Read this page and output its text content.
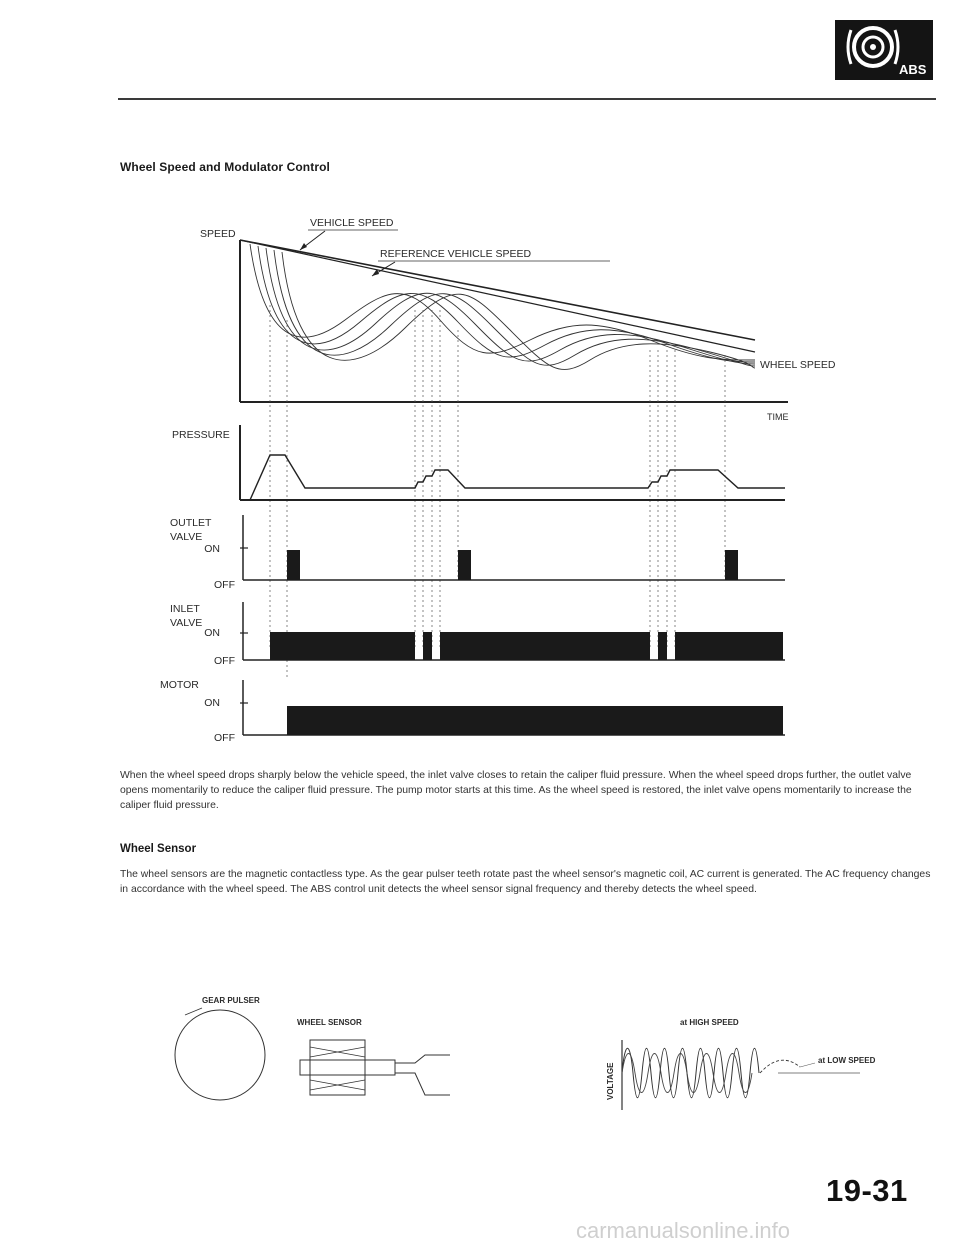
ABS
Wheel Speed and Modulator Control
SPEED
VEHICLE SPEED
REFERENCE VEHICLE SPEED
WHEEL SPEED
TIME
PRESSURE
OUTLET
VALVE
ON
OFF
INLET
VALVE
ON
OFF
MOTOR
ON
OFF
When the wheel speed drops sharply below the vehicle speed, the inlet valve closes to retain the caliper fluid pressure. When the wheel speed drops further, the outlet valve opens momentarily to reduce the caliper fluid pressure. The pump motor starts at this time. As the wheel speed is restored, the inlet valve opens momentarily to increase the caliper fluid pressure.
Wheel Sensor
The wheel sensors are the magnetic contactless type. As the gear pulser teeth rotate past the wheel sensor's magnetic coil, AC current is generated. The AC frequency changes in accordance with the wheel speed. The ABS control unit detects the wheel sensor signal frequency and thereby detects the wheel speed.
GEAR PULSER
WHEEL SENSOR	at HIGH SPEED
at LOW SPEED
VOLTAGE
19-31
carmanualsonline.info
